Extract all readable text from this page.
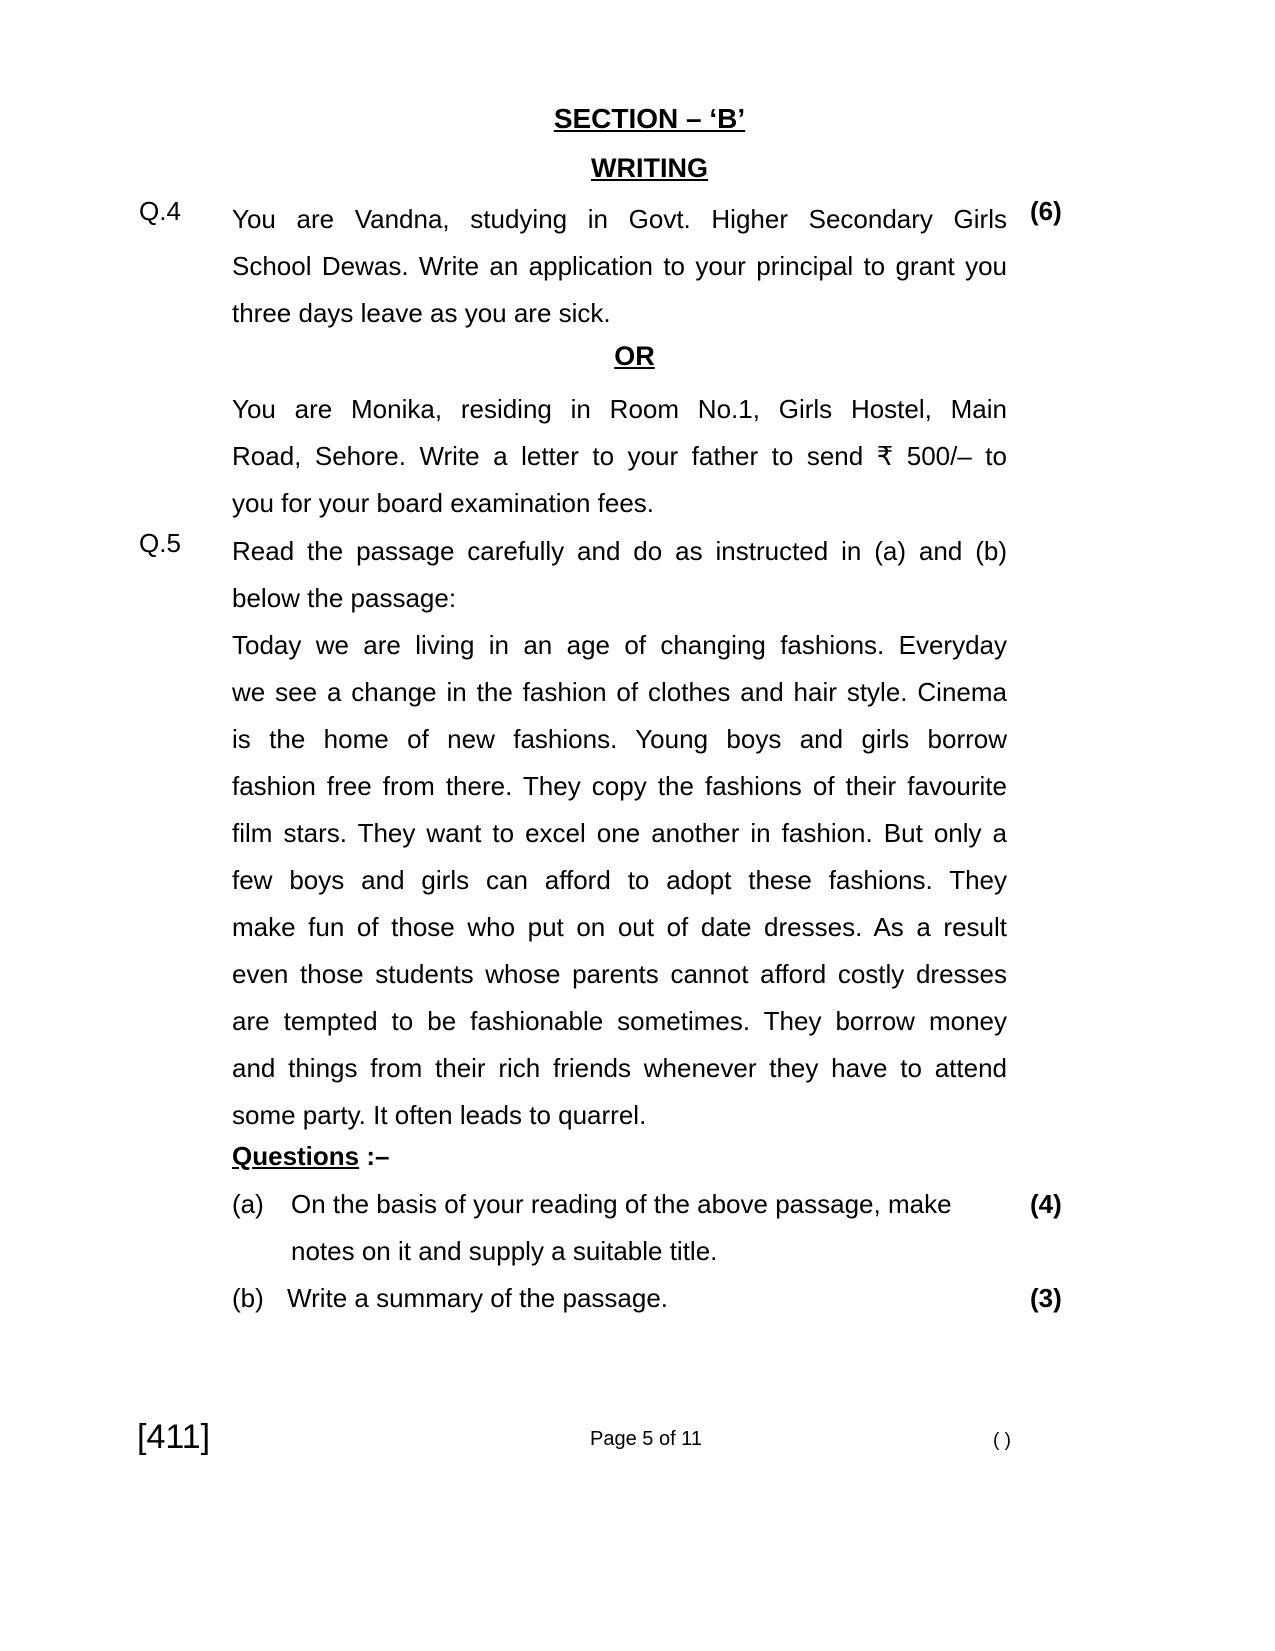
SECTION – ‘B’
WRITING
Q.4	(6)
You are Vandna, studying in Govt. Higher Secondary Girls
School Dewas. Write an application to your principal to grant you
three days leave as you are sick.
OR
You are Monika, residing in Room No.1, Girls Hostel, Main
Road, Sehore. Write a letter to your father to send ₹ 500/– to
you for your board examination fees.
Q.5 Read the passage carefully and do as instructed in (a) and (b)
below the passage:
Today we are living in an age of changing fashions. Everyday
we see a change in the fashion of clothes and hair style. Cinema
is the home of new fashions. Young boys and girls borrow
fashion free from there. They copy the fashions of their favourite
film stars. They want to excel one another in fashion. But only a
few boys and girls can afford to adopt these fashions. They
make fun of those who put on out of date dresses. As a result
even those students whose parents cannot afford costly dresses
are tempted to be fashionable sometimes. They borrow money
and things from their rich friends whenever they have to attend
some party. It often leads to quarrel.
Questions :–
(a) On the basis of your reading of the above passage, make
notes on it and supply a suitable title.
(4)
(b) Write a summary of the passage.	(3)
[411]	Page 5 of 11	( )
